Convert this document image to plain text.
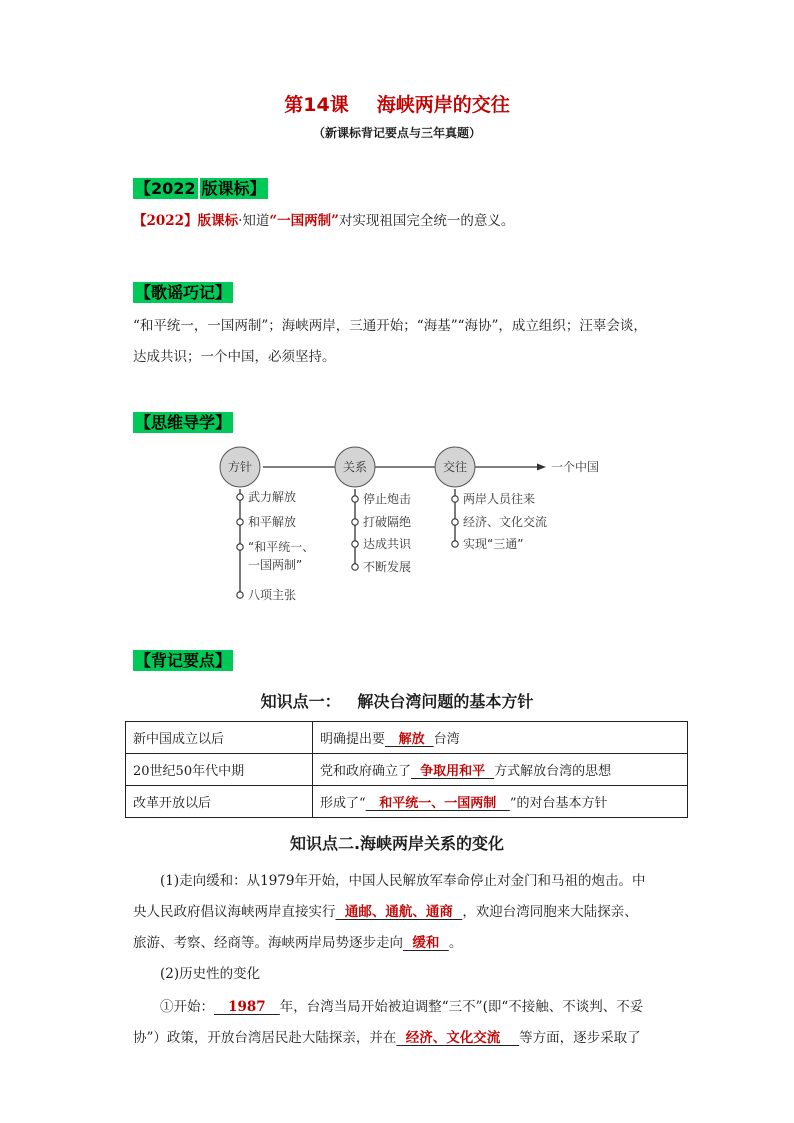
第14课 海峡两岸的交往
（新课标背记要点与三年真题）
【2022 版课标】
【2022】版课标·知道“一国两制”对实现祖国完全统一的意义。
【歌谣巧记】
“和平统一，一国两制”；海峡两岸，三通开始；“海基”“海协”，成立组织；汪辜会谈，
达成共识；一个中国，必须坚持。
【思维导学】
一个中国
方针	关系	交往
武力解放
和平解放
“和平统一、
一国两制”
八项主张
停止炮击
打破隔绝
达成共识
不断发展
两岸人员往来
经济、文化交流
实现“三通”
【背记要点】
知识点一：   解决台湾问题的基本方针
新中国成立以后	明确提出要   解放  台湾
20世纪50年代中期	党和政府确立了  争取用和平  方式解放台湾的思想
改革开放以后	形成了“   和平统一、一国两制   ”的对台基本方针
知识点二.海峡两岸关系的变化
(1)走向缓和：从1979年开始，中国人民解放军奉命停止对金门和马祖的炮击。中
央人民政府倡议海峡两岸直接实行  通邮、通航、通商  ，欢迎台湾同胞来大陆探亲、
旅游、考察、经商等。海峡两岸局势逐步走向  缓和  。
(2)历史性的变化
①开始：   1987   年，台湾当局开始被迫调整“三不”(即“不接触、不谈判、不妥
协”）政策，开放台湾居民赴大陆探亲，并在  经济、文化交流    等方面，逐步采取了
